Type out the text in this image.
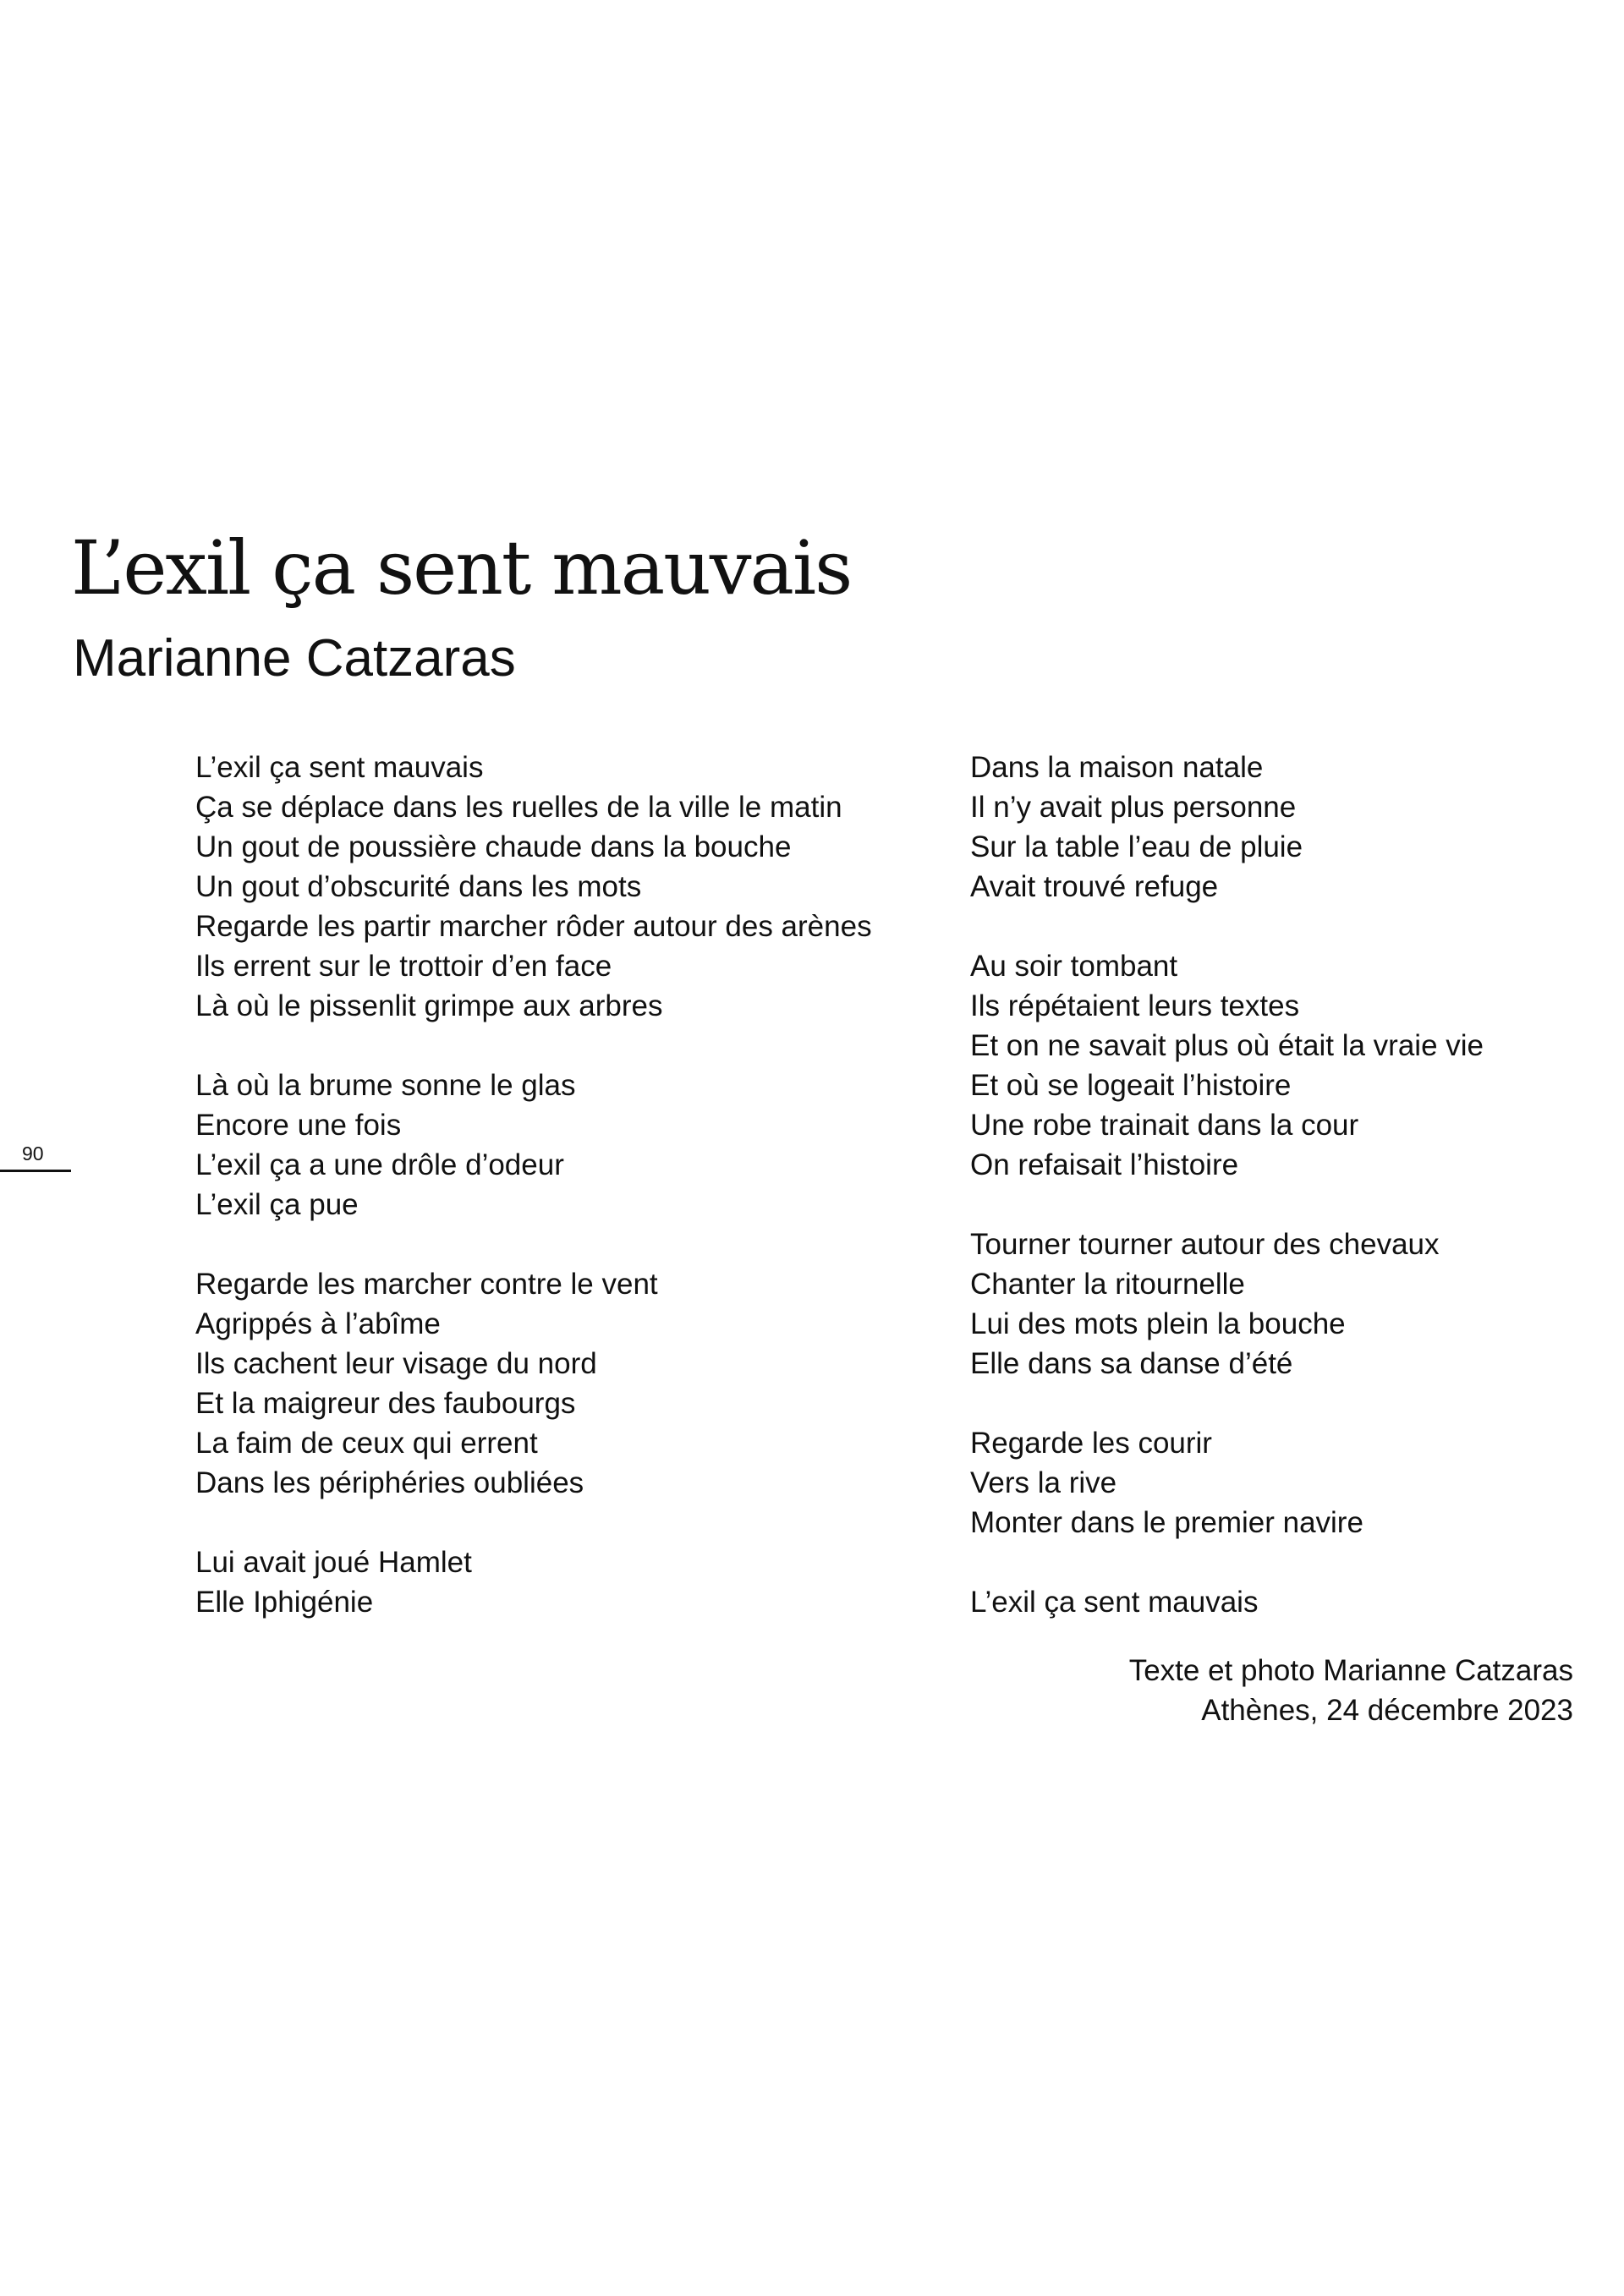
L’exil ça sent mauvais
Marianne Catzaras
90

L’exil ça sent mauvais
Ça se déplace dans les ruelles de la ville le matin
Un gout de poussière chaude dans la bouche
Un gout d’obscurité dans les mots
Regarde les partir marcher rôder autour des arènes
Ils errent sur le trottoir d’en face
Là où le pissenlit grimpe aux arbres

Là où la brume sonne le glas
Encore une fois
L’exil ça a une drôle d’odeur
L’exil ça pue

Regarde les marcher contre le vent
Agrippés à l’abîme
Ils cachent leur visage du nord
Et la maigreur des faubourgs
La faim de ceux qui errent
Dans les périphéries oubliées

Lui avait joué Hamlet
Elle Iphigénie

Dans la maison natale
Il n’y avait plus personne
Sur la table l’eau de pluie
Avait trouvé refuge

Au soir tombant
Ils répétaient leurs textes
Et on ne savait plus où était la vraie vie
Et où se logeait l’histoire
Une robe trainait dans la cour
On refaisait l’histoire

Tourner tourner autour des chevaux
Chanter la ritournelle
Lui des mots plein la bouche
Elle dans sa danse d’été

Regarde les courir
Vers la rive
Monter dans le premier navire

L’exil ça sent mauvais

Texte et photo Marianne Catzaras
Athènes, 24 décembre 2023
